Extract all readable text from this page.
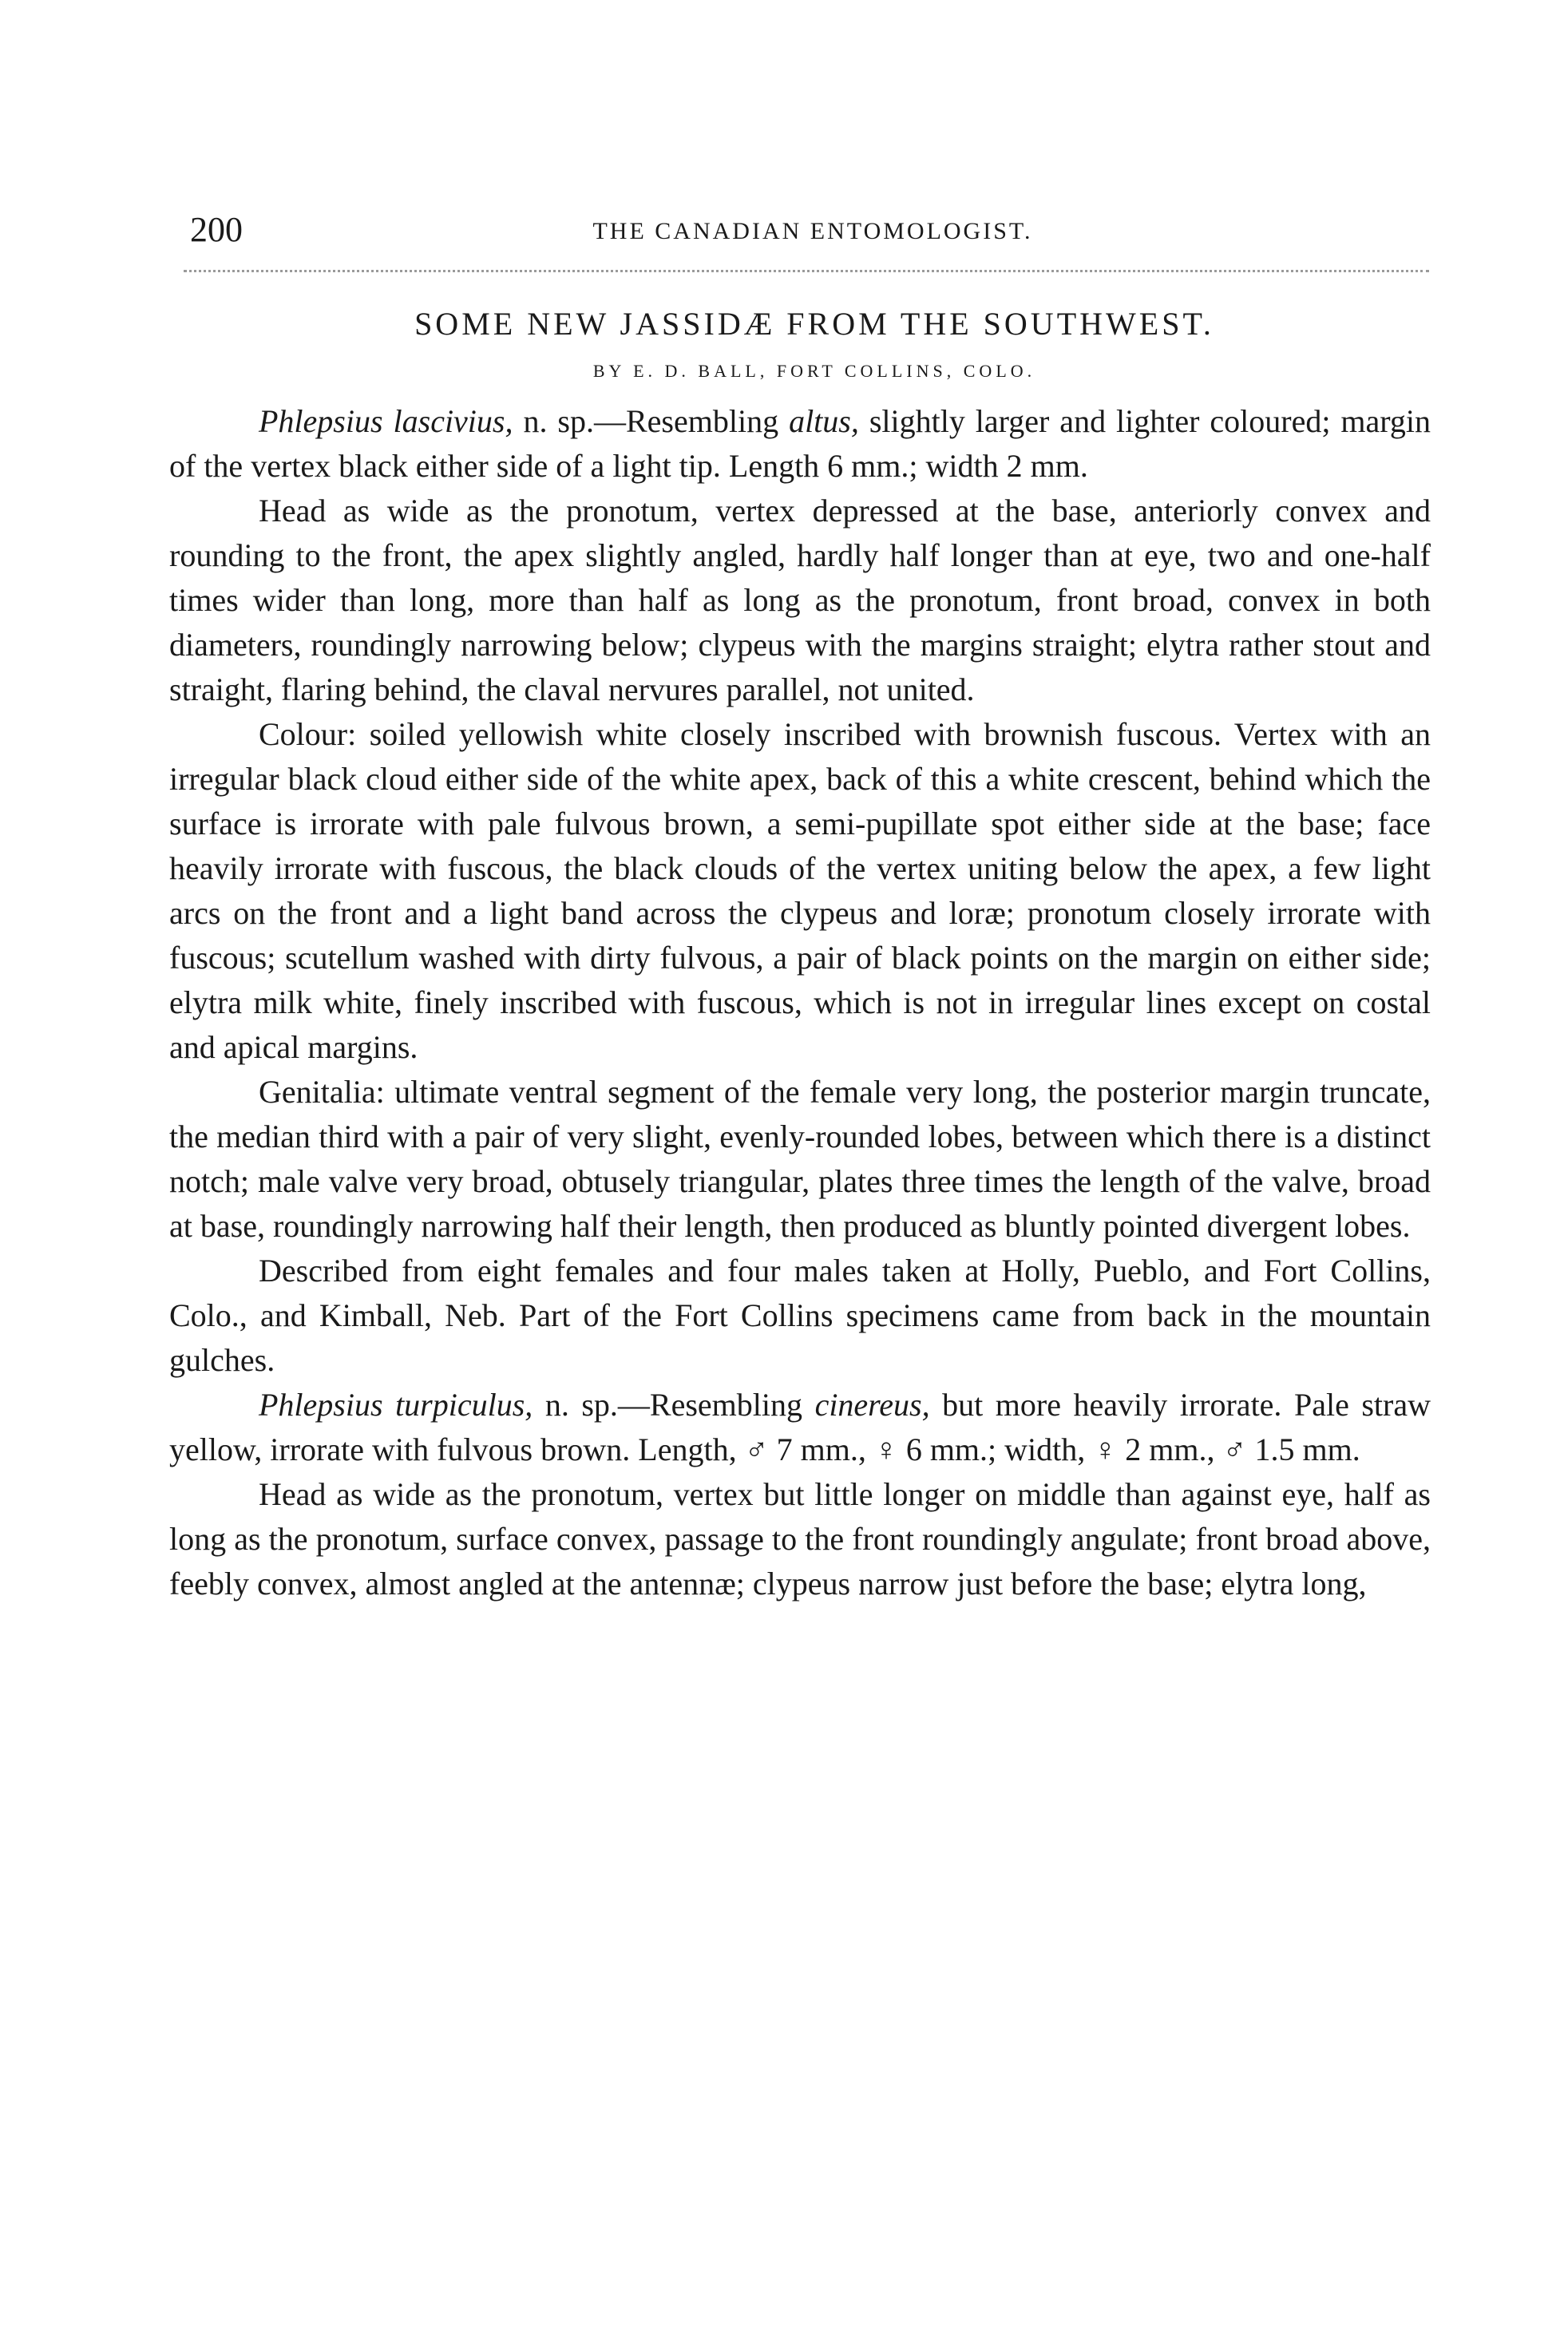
200	THE CANADIAN ENTOMOLOGIST.
SOME NEW JASSIDÆ FROM THE SOUTHWEST.
BY E. D. BALL, FORT COLLINS, COLO.

Phlepsius lascivius, n. sp.—Resembling altus, slightly larger and lighter coloured; margin of the vertex black either side of a light tip. Length 6 mm.; width 2 mm.

Head as wide as the pronotum, vertex depressed at the base, anteriorly convex and rounding to the front, the apex slightly angled, hardly half longer than at eye, two and one-half times wider than long, more than half as long as the pronotum, front broad, convex in both diameters, roundingly narrowing below; clypeus with the margins straight; elytra rather stout and straight, flaring behind, the claval nervures parallel, not united.

Colour: soiled yellowish white closely inscribed with brownish fuscous. Vertex with an irregular black cloud either side of the white apex, back of this a white crescent, behind which the surface is irrorate with pale fulvous brown, a semi-pupillate spot either side at the base; face heavily irrorate with fuscous, the black clouds of the vertex uniting below the apex, a few light arcs on the front and a light band across the clypeus and loræ; pronotum closely irrorate with fuscous; scutellum washed with dirty fulvous, a pair of black points on the margin on either side; elytra milk white, finely inscribed with fuscous, which is not in irregular lines except on costal and apical margins.

Genitalia: ultimate ventral segment of the female very long, the posterior margin truncate, the median third with a pair of very slight, evenly-rounded lobes, between which there is a distinct notch; male valve very broad, obtusely triangular, plates three times the length of the valve, broad at base, roundingly narrowing half their length, then produced as bluntly pointed divergent lobes.

Described from eight females and four males taken at Holly, Pueblo, and Fort Collins, Colo., and Kimball, Neb. Part of the Fort Collins specimens came from back in the mountain gulches.

Phlepsius turpiculus, n. sp.—Resembling cinereus, but more heavily irrorate. Pale straw yellow, irrorate with fulvous brown. Length, ♂ 7 mm., ♀ 6 mm.; width, ♀ 2 mm., ♂ 1.5 mm.

Head as wide as the pronotum, vertex but little longer on middle than against eye, half as long as the pronotum, surface convex, passage to the front roundingly angulate; front broad above, feebly convex, almost angled at the antennæ; clypeus narrow just before the base; elytra long,
